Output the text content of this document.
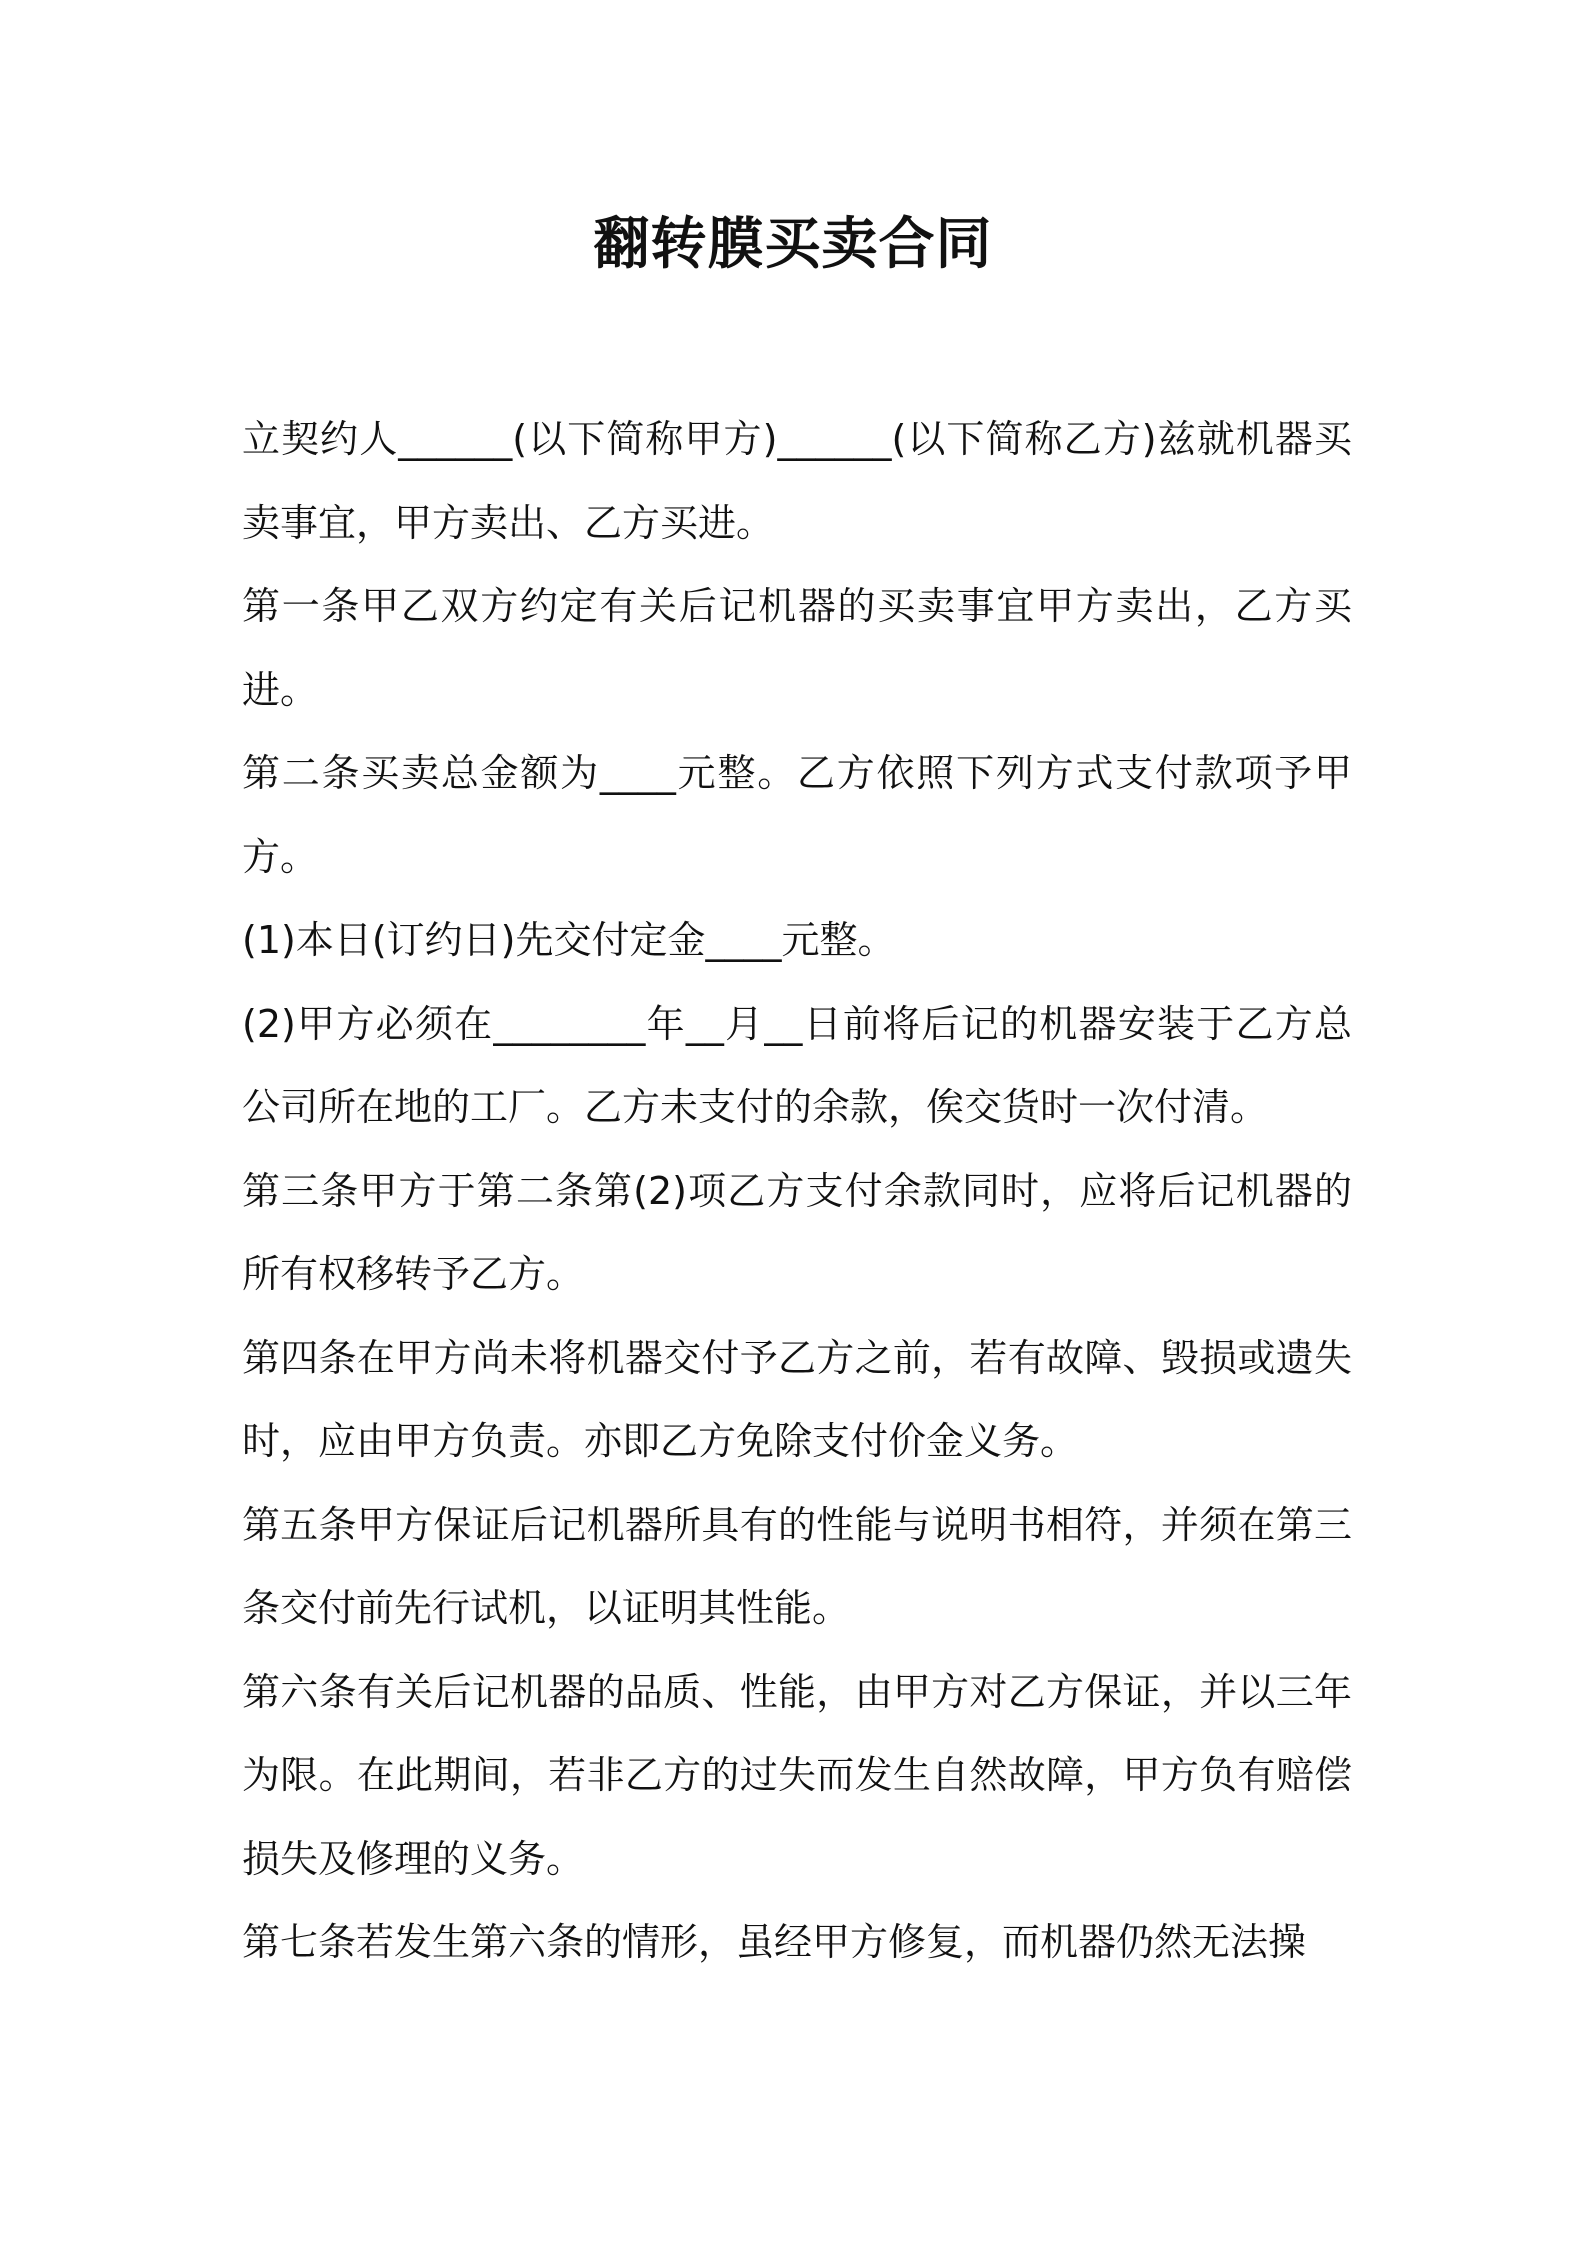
翻转膜买卖合同

立契约人______(以下简称甲方)______(以下简称乙方)兹就机器买卖事宜，甲方卖出、乙方买进。

第一条甲乙双方约定有关后记机器的买卖事宜甲方卖出，乙方买进。

第二条买卖总金额为____元整。乙方依照下列方式支付款项予甲方。

(1)本日(订约日)先交付定金____元整。

(2)甲方必须在________年__月__日前将后记的机器安装于乙方总公司所在地的工厂。乙方未支付的余款，俟交货时一次付清。

第三条甲方于第二条第(2)项乙方支付余款同时，应将后记机器的所有权移转予乙方。

第四条在甲方尚未将机器交付予乙方之前，若有故障、毁损或遗失时，应由甲方负责。亦即乙方免除支付价金义务。

第五条甲方保证后记机器所具有的性能与说明书相符，并须在第三条交付前先行试机，以证明其性能。

第六条有关后记机器的品质、性能，由甲方对乙方保证，并以三年为限。在此期间，若非乙方的过失而发生自然故障，甲方负有赔偿损失及修理的义务。

第七条若发生第六条的情形，虽经甲方修复，而机器仍然无法操
